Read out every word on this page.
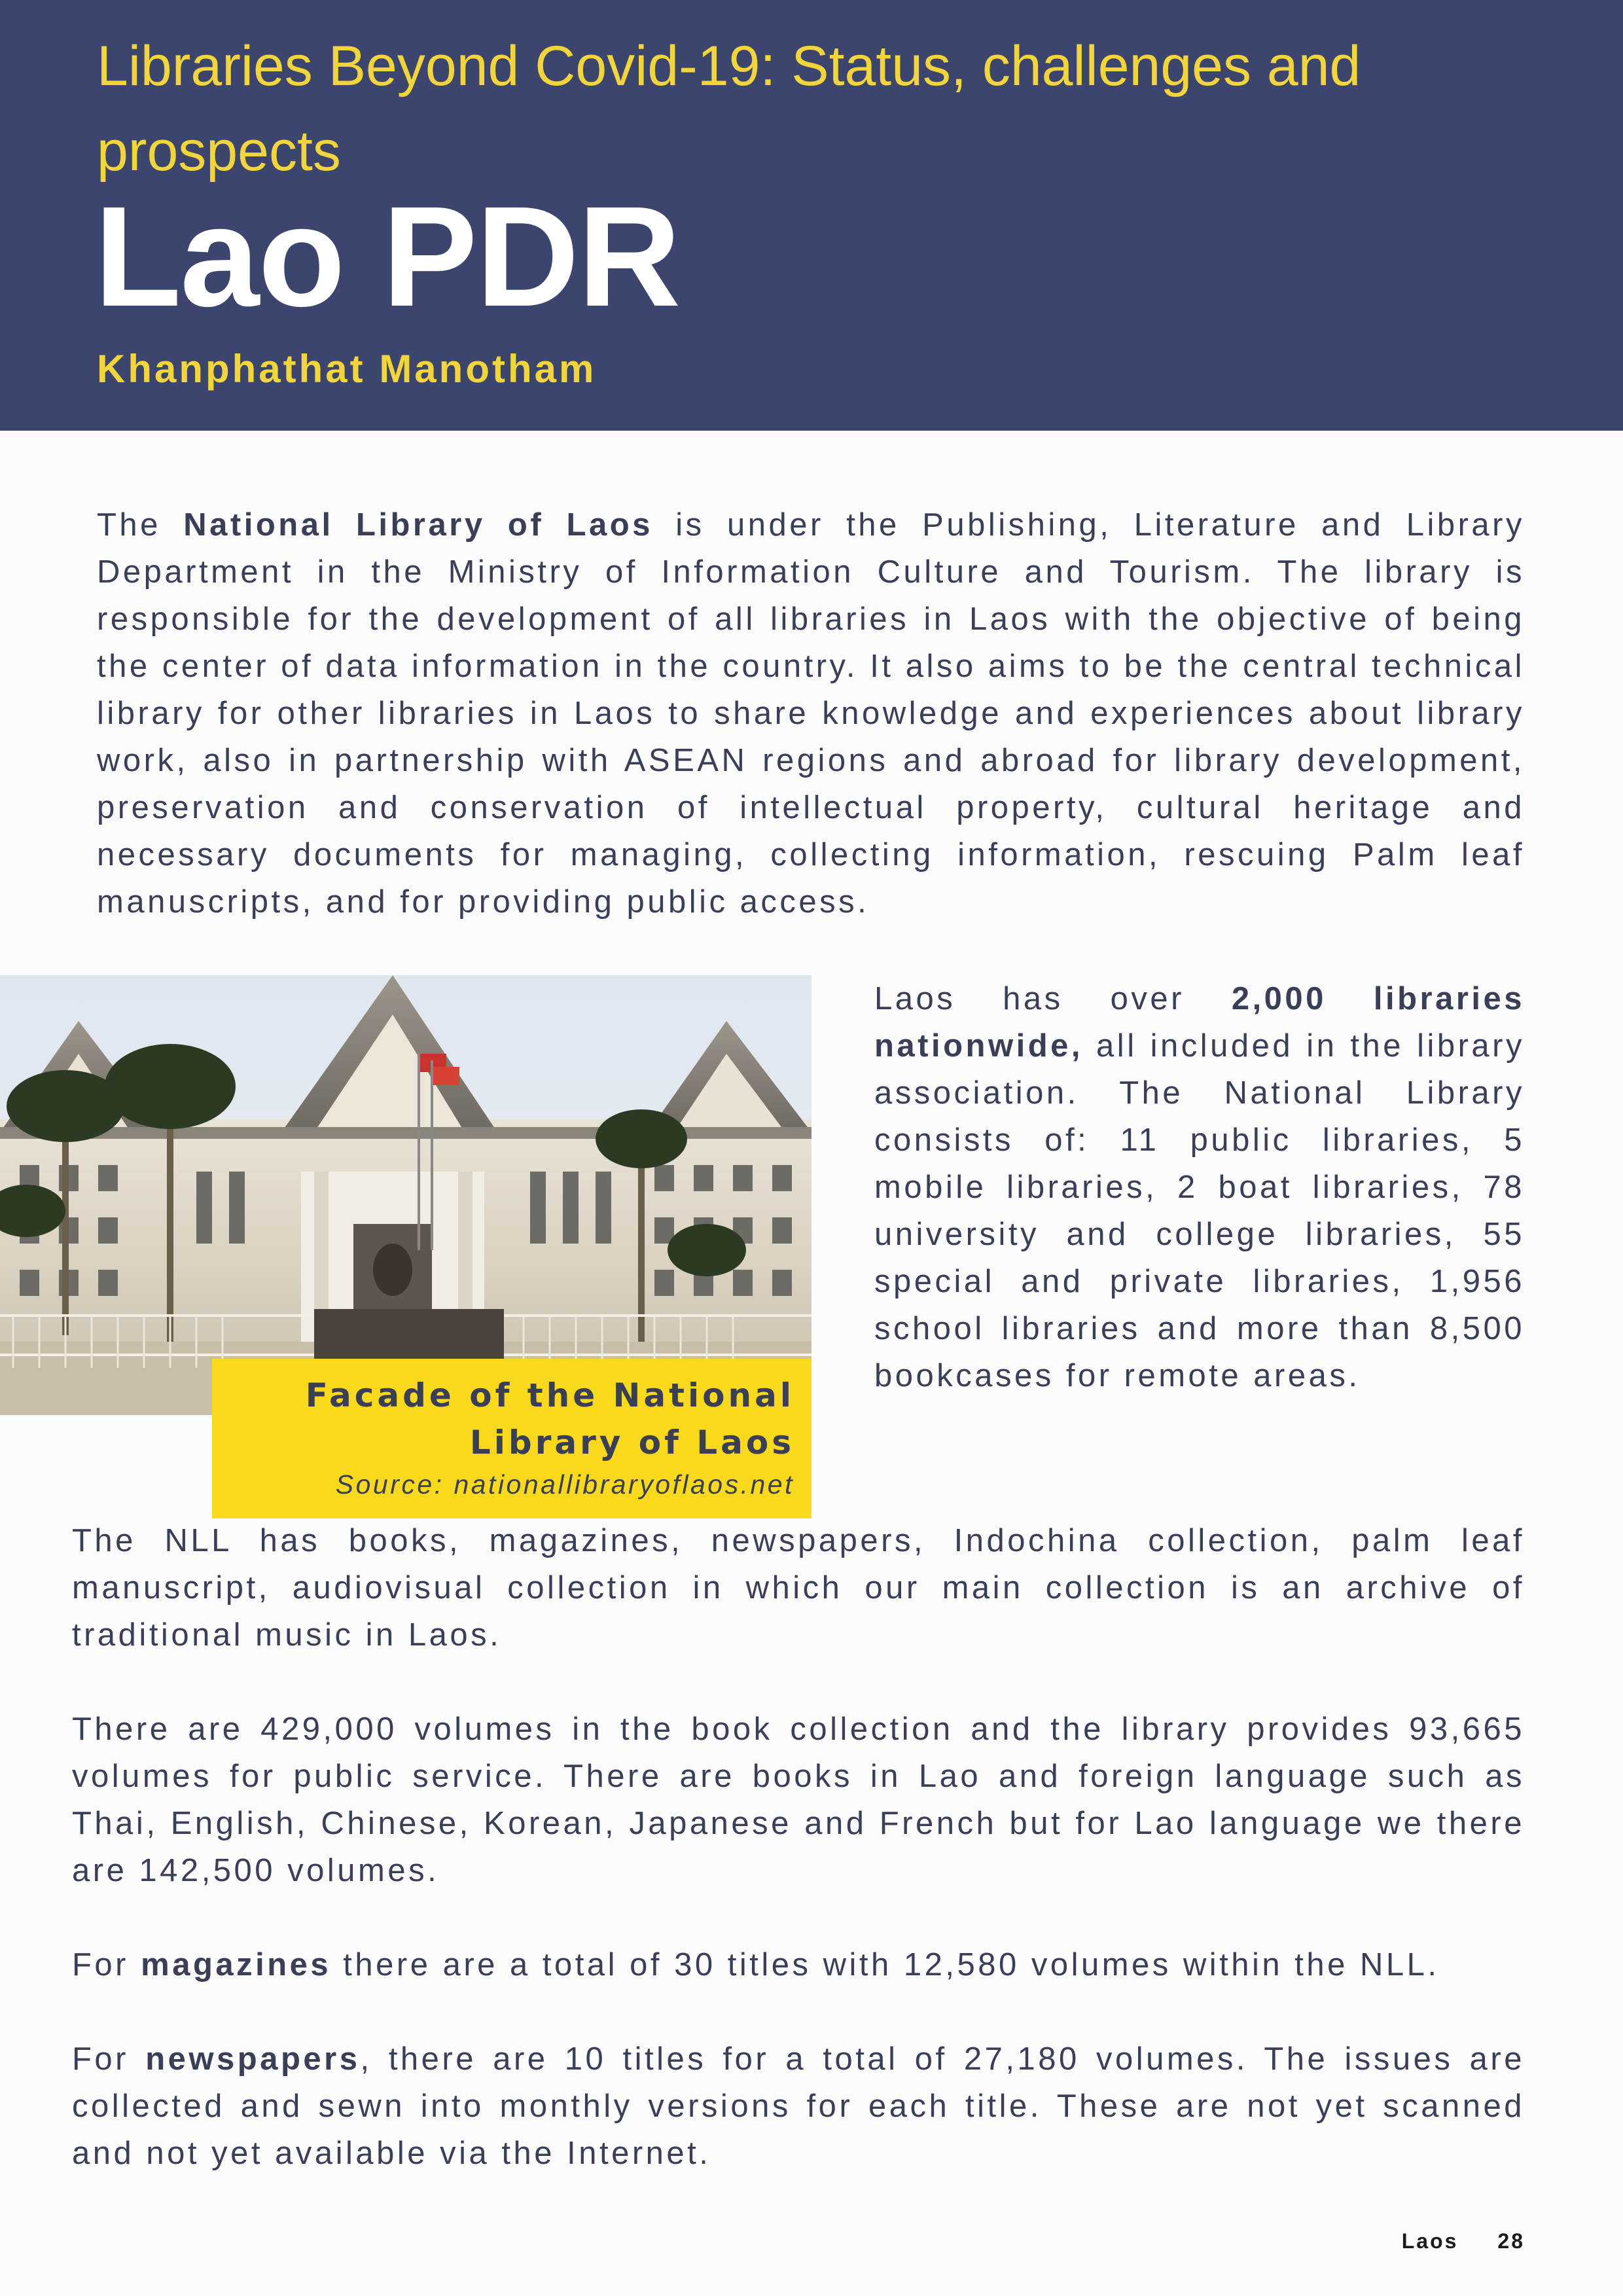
Libraries Beyond Covid-19: Status, challenges and prospects
Lao PDR
Khanphathat Manotham

The National Library of Laos is under the Publishing, Literature and Library Department in the Ministry of Information Culture and Tourism. The library is responsible for the development of all libraries in Laos with the objective of being the center of data information in the country. It also aims to be the central technical library for other libraries in Laos to share knowledge and experiences about library work, also in partnership with ASEAN regions and abroad for library development, preservation and conservation of intellectual property, cultural heritage and necessary documents for managing, collecting information, rescuing Palm leaf manuscripts, and for providing public access.

Facade of the National Library of Laos
Source: nationallibraryoflaos.net

Laos has over 2,000 libraries nationwide, all included in the library association. The National Library consists of: 11 public libraries, 5 mobile libraries, 2 boat libraries, 78 university and college libraries, 55 special and private libraries, 1,956 school libraries and more than 8,500 bookcases for remote areas.

The NLL has books, magazines, newspapers, Indochina collection, palm leaf manuscript, audiovisual collection in which our main collection is an archive of traditional music in Laos.

There are 429,000 volumes in the book collection and the library provides 93,665 volumes for public service. There are books in Lao and foreign language such as Thai, English, Chinese, Korean, Japanese and French but for Lao language we there are 142,500 volumes.

For magazines there are a total of 30 titles with 12,580 volumes within the NLL.

For newspapers, there are 10 titles for a total of 27,180 volumes. The issues are collected and sewn into monthly versions for each title. These are not yet scanned and not yet available via the Internet.

Laos 28
